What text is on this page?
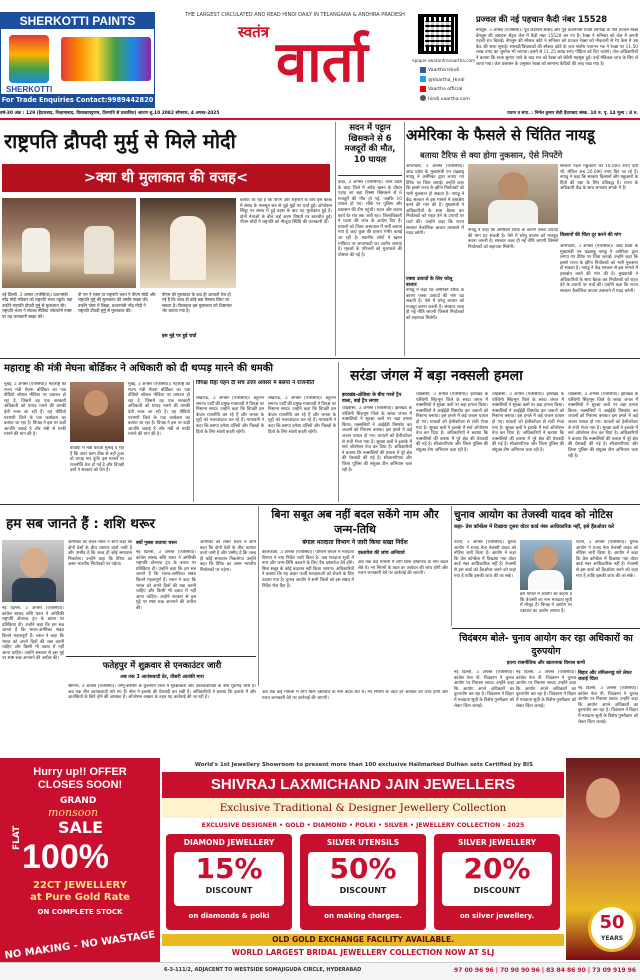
SHERKOTTI PAINTS
SHERKOTTI
For Trade Enquiries Contact:9989442820
THE LARGEST CIRCULATED AND READ HINDI DAILY IN TELANGANA & ANDHRA PRADESH
स्वतंत्र वार्ता	epaper.swatantravaartha.com
Vaartha Hindi
@Vaartha_Hindi
Vaartha official
hindi.vaartha.com
प्रज्वल की नई पहचान कैदी नंबर 15528
बेंगलुरु, 3 अगस्त (एजेंसियां)। पूर्व जेडीएस सांसद और पूर्व प्रधानमंत्री एचडी देवेगौड़ा के पोते प्रज्वल रेवन्ना बेंगलुरु की अग्रहारा सेंट्रल जेल में कैदी नंबर 15528 बन गए हैं। रेवन्ना ने शनिवार को जेल में अपनी पहली रात बिताई। बेंगलुरु की स्पेशल कोर्ट ने शनिवार को प्रज्वल रेवन्ना को नौकरानी से रेप केस में उम्र कैद की सजा सुनाई। सांसदों/विधायकों की स्पेशल कोर्ट के जज संतोष गजानन भट ने रेवन्ना पर 11.50 लाख रुपए का जुर्माना भी लगाया। इसमें से 11.25 लाख रुपए पीड़िता को दिए जाएंगे। जेल अधिकारियों ने बताया कि सजा सुनाए जाने के बाद रात को रेवन्ना को बेचैनी महसूस हुई। उन्हें मेडिकल जांच के लिए ले जाया गया। जेल प्रशासन के अनुसार रेवन्ना को सामान्य कैदियों की तरह रखा गया है।
वर्ष-30 अंक : 129 (हैदराबाद, निज़ामाबाद, विशाखापट्टणम, तिरुपति से प्रकाशित) श्रावण शु.10 2082 सोमवार, 4 अगस्त-2025	प्रधान व संपा. : निर्मल कुमार सेठी हैदराबाद संस्क. 10 रु. पृ. 14 मूल्य : 8 रु.
राष्ट्रपति द्रौपदी मुर्मु से मिले मोदी
>क्या थी मुलाकात की वजह<
बताया जा रहा है कि पीएम और राष्ट्रपति के बीच इस बैठक में संसद के मानसून सत्र से जुड़े मुद्दों पर चर्चा हुई। ऑपरेशन सिंदूर पर संसद में हुई बहस के बाद यह मुलाकात हुई है। दोनों नेताओं के बीच कई अहम विषयों पर बातचीत हुई। पीएम मोदी ने राष्ट्रपति को मौजूदा स्थिति की जानकारी दी।
नई दिल्ली, 3 अगस्त (एजेंसियां)। प्रधानमंत्री नरेंद्र मोदी रविवार को राष्ट्रपति भवन पहुंचे। यहां उन्होंने राष्ट्रपति द्रौपदी मुर्मु से मुलाकात की। राष्ट्रपति भवन ने सोशल मीडिया प्लेटफॉर्म एक्स पर यह जानकारी साझा की।
पी एम ने एक्स पर राष्ट्रपति भवन ने पीएम मोदी और राष्ट्रपति मुर्मु की मुलाकात की तस्वीर साझा की। उन्होंने पोस्ट में लिखा, प्रधानमंत्री नरेंद्र मोदी ने राष्ट्रपति द्रौपदी मुर्मु से मुलाकात की।
पीएम की मुलाकात के बाद ही अटकलें तेज हो गई हैं कि जल्द ही कोई बड़ा फैसला लिया जा सकता है। फिलहाल इस मुलाकात को शिष्टाचार भेंट बताया गया है।
इस मुद्दे पर हुई चर्चा
सदन में पट्टान खिसकने से 6 मजदूरों की मौत, 10 घायल
बांदा, 3 अगस्त (एजेंसियां)। उत्तर प्रदेश के बांदा जिले में अवैध खनन के दौरान पहाड़ का बड़ा हिस्सा खिसकने से 6 मजदूरों की मौत हो गई, जबकि 10 घायल हो गए। मौके पर पुलिस और प्रशासन की टीम पहुंची। राहत और बचाव कार्य देर रात तक जारी रहा। जिलाधिकारी ने घटना की जांच के आदेश दिए हैं। घायलों को जिला अस्पताल में भर्ती कराया गया है जहां कुछ की हालत गंभीर बताई जा रही है। स्थानीय लोगों ने खनन माफिया पर लापरवाही का आरोप लगाया है। मृतकों के परिजनों को मुआवजे की घोषणा की गई है।
अमेरिका के फैसले से चिंतित नायडू
बताया टैरिफ से क्या होगा नुकसान, ऐसे निपटेंगे
अमरावती, 3 अगस्त (एजेंसियां)। आंध्र प्रदेश के मुख्यमंत्री एन चंद्रबाबू नायडू ने अमेरिका द्वारा लगाए गए टैरिफ पर चिंता जताई। उन्होंने कहा कि इससे राज्य के झींगा निर्यातकों को भारी नुकसान हो सकता है। नायडू ने केंद्र सरकार से इस मामले में हस्तक्षेप करने की मांग की है। मुख्यमंत्री ने अधिकारियों के साथ बैठक कर निर्यातकों को राहत देने के उपायों पर चर्चा की। उन्होंने कहा कि राज्य सरकार वैकल्पिक बाजार तलाशने में मदद करेगी।
सरकार पहले मछुआरों को 10,000 रुपए देती थी, लेकिन अब 20,000 रुपए दिए जा रहे हैं। नायडू ने कहा कि सरकार किसानों और मछुआरों के हितों की रक्षा के लिए प्रतिबद्ध है। राज्य के अधिकारी केंद्र के साथ लगातार संपर्क में हैं।
किसानों की चिंता दूर करने की मांग
नायडू ने कहा कि अमेरिकी टैरिफ के कारण एक्वा उत्पादों की मांग घट सकती है। ऐसे में घरेलू बाजार को मजबूत करना जरूरी है। सरकार जल्द ही नई नीति लाएगी जिससे निर्यातकों को सहायता मिलेगी।
एक्वा उत्पादों के लिए घरेलू बाजार
नायडू ने कहा कि अमेरिकी टैरिफ के कारण एक्वा उत्पादों की मांग घट सकती है। ऐसे में घरेलू बाजार को मजबूत करना जरूरी है। सरकार जल्द ही नई नीति लाएगी जिससे निर्यातकों को सहायता मिलेगी।
अमरावती, 3 अगस्त (एजेंसियां)। आंध्र प्रदेश के मुख्यमंत्री एन चंद्रबाबू नायडू ने अमेरिका द्वारा लगाए गए टैरिफ पर चिंता जताई। उन्होंने कहा कि इससे राज्य के झींगा निर्यातकों को भारी नुकसान हो सकता है। नायडू ने केंद्र सरकार से इस मामले में हस्तक्षेप करने की मांग की है। मुख्यमंत्री ने अधिकारियों के साथ बैठक कर निर्यातकों को राहत देने के उपायों पर चर्चा की। उन्होंने कहा कि राज्य सरकार वैकल्पिक बाजार तलाशने में मदद करेगी।
महाराष्ट्र की मंत्री मेघना बोर्डिकर ने अधिकारी को दी थप्पड़ मारने की धमकी
मुंबई, 3 अगस्त (एजेंसियां)। महाराष्ट्र की राज्य मंत्री मेघना बोर्डिकर का एक वीडियो सोशल मीडिया पर वायरल हो रहा है, जिसमें वह एक सरकारी अधिकारी को थप्पड़ मारने की धमकी देती नजर आ रही हैं। यह वीडियो परभणी जिले के एक कार्यक्रम का बताया जा रहा है। विपक्ष ने इस पर कड़ी आपत्ति जताई है और मंत्री से माफी मांगने की मांग की है।
वीडियो में मंत्री कहती सुनाई दे रही हैं कि अगर काम ठीक से नहीं हुआ तो थप्पड़ मार दूंगी। इस मामले पर राजनीति तेज हो गई है और विपक्षी दलों ने सरकार को घेरा है।
मुंबई, 3 अगस्त (एजेंसियां)। महाराष्ट्र की राज्य मंत्री मेघना बोर्डिकर का एक वीडियो सोशल मीडिया पर वायरल हो रहा है, जिसमें वह एक सरकारी अधिकारी को थप्पड़ मारने की धमकी देती नजर आ रही हैं। यह वीडियो परभणी जिले के एक कार्यक्रम का बताया जा रहा है। विपक्ष ने इस पर कड़ी आपत्ति जताई है और मंत्री से माफी मांगने की मांग की है।
विपक्ष रिहा पहन दी सच उत्तर अवसर में बसपा ने राजनीति
लखनऊ, 3 अगस्त (एजेंसियां)। बहुजन समाज पार्टी की प्रमुख मायावती ने विपक्ष पर निशाना साधा। उन्होंने कहा कि विपक्षी दल केवल राजनीति कर रहे हैं और जनता के मुद्दों को नजरअंदाज कर रहे हैं। मायावती ने कहा कि बसपा हमेशा दलितों और पिछड़ों के हितों के लिए संघर्ष करती रहेगी।
लखनऊ, 3 अगस्त (एजेंसियां)। बहुजन समाज पार्टी की प्रमुख मायावती ने विपक्ष पर निशाना साधा। उन्होंने कहा कि विपक्षी दल केवल राजनीति कर रहे हैं और जनता के मुद्दों को नजरअंदाज कर रहे हैं। मायावती ने कहा कि बसपा हमेशा दलितों और पिछड़ों के हितों के लिए संघर्ष करती रहेगी।
सरंडा जंगल में बड़ा नक्सली हमला
झारखंड-ओडिशा के बीच गरजे ट्रैप वाला, बाई ट्रैप लगाए
चाईबासा, 3 अगस्त (एजेंसियां)। झारखंड के पश्चिमी सिंहभूम जिले के सरंडा जंगल में नक्सलियों ने सुरक्षा बलों पर बड़ा हमला किया। नक्सलियों ने आईईडी विस्फोट कर जवानों को निशाना बनाया। इस हमले में कई जवान घायल हो गए। घायलों को हेलीकॉप्टर से रांची भेजा गया है। सुरक्षा बलों ने इलाके में सर्च ऑपरेशन तेज कर दिया है। अधिकारियों ने बताया कि नक्सलियों की तलाश में पूरे क्षेत्र की घेराबंदी की गई है। सीआरपीएफ और जिला पुलिस की संयुक्त टीम अभियान चला रही है।
चाईबासा, 3 अगस्त (एजेंसियां)। झारखंड के पश्चिमी सिंहभूम जिले के सरंडा जंगल में नक्सलियों ने सुरक्षा बलों पर बड़ा हमला किया। नक्सलियों ने आईईडी विस्फोट कर जवानों को निशाना बनाया। इस हमले में कई जवान घायल हो गए। घायलों को हेलीकॉप्टर से रांची भेजा गया है। सुरक्षा बलों ने इलाके में सर्च ऑपरेशन तेज कर दिया है। अधिकारियों ने बताया कि नक्सलियों की तलाश में पूरे क्षेत्र की घेराबंदी की गई है। सीआरपीएफ और जिला पुलिस की संयुक्त टीम अभियान चला रही है।
चाईबासा, 3 अगस्त (एजेंसियां)। झारखंड के पश्चिमी सिंहभूम जिले के सरंडा जंगल में नक्सलियों ने सुरक्षा बलों पर बड़ा हमला किया। नक्सलियों ने आईईडी विस्फोट कर जवानों को निशाना बनाया। इस हमले में कई जवान घायल हो गए। घायलों को हेलीकॉप्टर से रांची भेजा गया है। सुरक्षा बलों ने इलाके में सर्च ऑपरेशन तेज कर दिया है। अधिकारियों ने बताया कि नक्सलियों की तलाश में पूरे क्षेत्र की घेराबंदी की गई है। सीआरपीएफ और जिला पुलिस की संयुक्त टीम अभियान चला रही है।
चाईबासा, 3 अगस्त (एजेंसियां)। झारखंड के पश्चिमी सिंहभूम जिले के सरंडा जंगल में नक्सलियों ने सुरक्षा बलों पर बड़ा हमला किया। नक्सलियों ने आईईडी विस्फोट कर जवानों को निशाना बनाया। इस हमले में कई जवान घायल हो गए। घायलों को हेलीकॉप्टर से रांची भेजा गया है। सुरक्षा बलों ने इलाके में सर्च ऑपरेशन तेज कर दिया है। अधिकारियों ने बताया कि नक्सलियों की तलाश में पूरे क्षेत्र की घेराबंदी की गई है। सीआरपीएफ और जिला पुलिस की संयुक्त टीम अभियान चला रही है।
हम सब जानते हैं : शशि थरूर
नई दिल्ली, 3 अगस्त (एजेंसियां)। कांग्रेस सांसद शशि थरूर ने अमेरिकी राष्ट्रपति डोनाल्ड ट्रंप के बयान पर प्रतिक्रिया दी। उन्होंने कहा कि हम सब जानते हैं कि भारत-अमेरिका संबंध कितने महत्वपूर्ण हैं। थरूर ने कहा कि भारत को अपने हितों की रक्षा करनी चाहिए और किसी भी दबाव में नहीं आना चाहिए। उन्होंने सरकार से इस मुद्दे पर स्पष्ट रुख अपनाने की अपील की।
अमेरिका को लेकर थरूर ने आगे कहा कि दोनों देशों के बीच व्यापार वार्ता जारी है और उम्मीद है कि जल्द ही कोई समाधान निकलेगा। उन्होंने कहा कि टैरिफ का असर भारतीय निर्यातकों पर पड़ेगा।
क्यों गुस्सा जताया थरूर
नई दिल्ली, 3 अगस्त (एजेंसियां)। कांग्रेस सांसद शशि थरूर ने अमेरिकी राष्ट्रपति डोनाल्ड ट्रंप के बयान पर प्रतिक्रिया दी। उन्होंने कहा कि हम सब जानते हैं कि भारत-अमेरिका संबंध कितने महत्वपूर्ण हैं। थरूर ने कहा कि भारत को अपने हितों की रक्षा करनी चाहिए और किसी भी दबाव में नहीं आना चाहिए। उन्होंने सरकार से इस मुद्दे पर स्पष्ट रुख अपनाने की अपील की।
अमेरिका को लेकर थरूर ने आगे कहा कि दोनों देशों के बीच व्यापार वार्ता जारी है और उम्मीद है कि जल्द ही कोई समाधान निकलेगा। उन्होंने कहा कि टैरिफ का असर भारतीय निर्यातकों पर पड़ेगा।
बिना सबूत अब नहीं बदल सकेंगे नाम और जन्म-तिथि
बंगाल मतदाता विभाग ने जारी किया सख्त निर्देश
कोलकाता, 3 अगस्त (एजेंसियां)। पश्चिम बंगाल में मतदाता विभाग ने नया निर्देश जारी किया है। अब मतदाता सूची में नाम और जन्म-तिथि बदलने के लिए वैध दस्तावेज देने होंगे। बिना सबूत के कोई बदलाव नहीं किया जाएगा। अधिकारियों ने बताया कि यह कदम फर्जी मतदाताओं को रोकने के लिए उठाया गया है। चुनाव आयोग ने सभी जिलों को इस संबंध में निर्देश भेज दिए हैं।
दस्तावेज की जांच अनिवार्य
अब तक कई मामलों में लोग बिना दस्तावेज के नाम बदल लेते थे। नए नियमों के तहत हर आवेदन की जांच होगी और गलत जानकारी देने पर कार्रवाई की जाएगी।
चुनाव आयोग का तेजस्वी यादव को नोटिस
कहा- प्रेस कॉन्फ्रेंस में दिखाया दूसरा वोटर कार्ड नंबर आधिकारिक नहीं, इसे हैंडओवर करें
पटना, 3 अगस्त (एजेंसियां)। चुनाव आयोग ने राजद नेता तेजस्वी यादव को नोटिस जारी किया है। आयोग ने कहा कि प्रेस कॉन्फ्रेंस में दिखाया गया वोटर कार्ड नंबर आधिकारिक नहीं है। तेजस्वी से इस कार्ड को हैंडओवर करने को कहा गया है ताकि इसकी जांच की जा सके।
इस मामले में आयोग का कहना है कि तेजस्वी का नाम मतदाता सूची में मौजूद है। विपक्ष ने आयोग पर पक्षपात का आरोप लगाया है।
पटना, 3 अगस्त (एजेंसियां)। चुनाव आयोग ने राजद नेता तेजस्वी यादव को नोटिस जारी किया है। आयोग ने कहा कि प्रेस कॉन्फ्रेंस में दिखाया गया वोटर कार्ड नंबर आधिकारिक नहीं है। तेजस्वी से इस कार्ड को हैंडओवर करने को कहा गया है ताकि इसकी जांच की जा सके।
चिदंबरम बोले- चुनाव आयोग कर रहा अधिकारों का दुरुपयोग
इतना राजनीतिक और खतरनाक विनाश कभी
नई दिल्ली, 3 अगस्त (एजेंसियां)। कांग्रेस नेता पी. चिदंबरम ने चुनाव आयोग पर निशाना साधा। उन्होंने कहा कि आयोग अपने अधिकारों का दुरुपयोग कर रहा है। चिदंबरम ने बिहार में मतदाता सूची के विशेष पुनरीक्षण को लेकर चिंता जताई।
नई दिल्ली, 3 अगस्त (एजेंसियां)। कांग्रेस नेता पी. चिदंबरम ने चुनाव आयोग पर निशाना साधा। उन्होंने कहा कि आयोग अपने अधिकारों का दुरुपयोग कर रहा है। चिदंबरम ने बिहार में मतदाता सूची के विशेष पुनरीक्षण को लेकर चिंता जताई।
बिहार और तमिलनाडु को लेकर जताई चिंता
नई दिल्ली, 3 अगस्त (एजेंसियां)। कांग्रेस नेता पी. चिदंबरम ने चुनाव आयोग पर निशाना साधा। उन्होंने कहा कि आयोग अपने अधिकारों का दुरुपयोग कर रहा है। चिदंबरम ने बिहार में मतदाता सूची के विशेष पुनरीक्षण को लेकर चिंता जताई।
फतेहपुर में शुक्रवार से एनकाउंटर जारी
अब तक 3 आतंकवादी ढेर, तीसरी आतंकी मारा
श्रीनगर, 3 अगस्त (एजेंसियां)। जम्मू-कश्मीर के कुलगाम जिले में सुरक्षाबलों और आतंकवादियों के बीच मुठभेड़ जारी है। अब तक तीन आतंकवादी मारे गए हैं। सेना ने इलाके की घेराबंदी कर रखी है। अधिकारियों ने बताया कि इलाके में और आतंकियों के छिपे होने की आशंका है। ऑपरेशन अखल के तहत यह कार्रवाई की जा रही है।
अब तक कई मामलों में लोग बिना दस्तावेज के नाम बदल लेते थे। नए नियमों के तहत हर आवेदन की जांच होगी और गलत जानकारी देने पर कार्रवाई की जाएगी।
Hurry up!! OFFER CLOSES SOON!
GRAND
monsoon
SALE
FLAT
100%
22CT JEWELLERY at Pure Gold Rate
ON COMPLETE STOCK
NO MAKING - NO WASTAGE
World's 1st Jewellery Showroom to present more than 100 exclusive Hallmarked Dulhan sets Certified by BIS
SHIVRAJ LAXMICHAND JAIN JEWELLERS
Exclusive Traditional & Designer Jewellery Collection
EXCLUSIVE DESIGNER • GOLD • DIAMOND • POLKI • SILVER • JEWELLERY COLLECTION - 2025
DIAMOND JEWELLERY
15%
DISCOUNT
on diamonds & polki
SILVER UTENSILS
50%
DISCOUNT
on making charges.
SILVER JEWELLERY
20%
DISCOUNT
on silver jewellery.
OLD GOLD EXCHANGE FACILITY AVAILABLE.
WORLD LARGEST BRIDAL JEWELLERY COLLECTION NOW AT SLJ
50
YEARS
6-3-111/2, ADJACENT TO WESTSIDE SOMAJIGUDA CIRCLE, HYDERABAD	97 00 96 96 | 70 90 90 96 | 83 84 86 90 | 73 09 919 96
